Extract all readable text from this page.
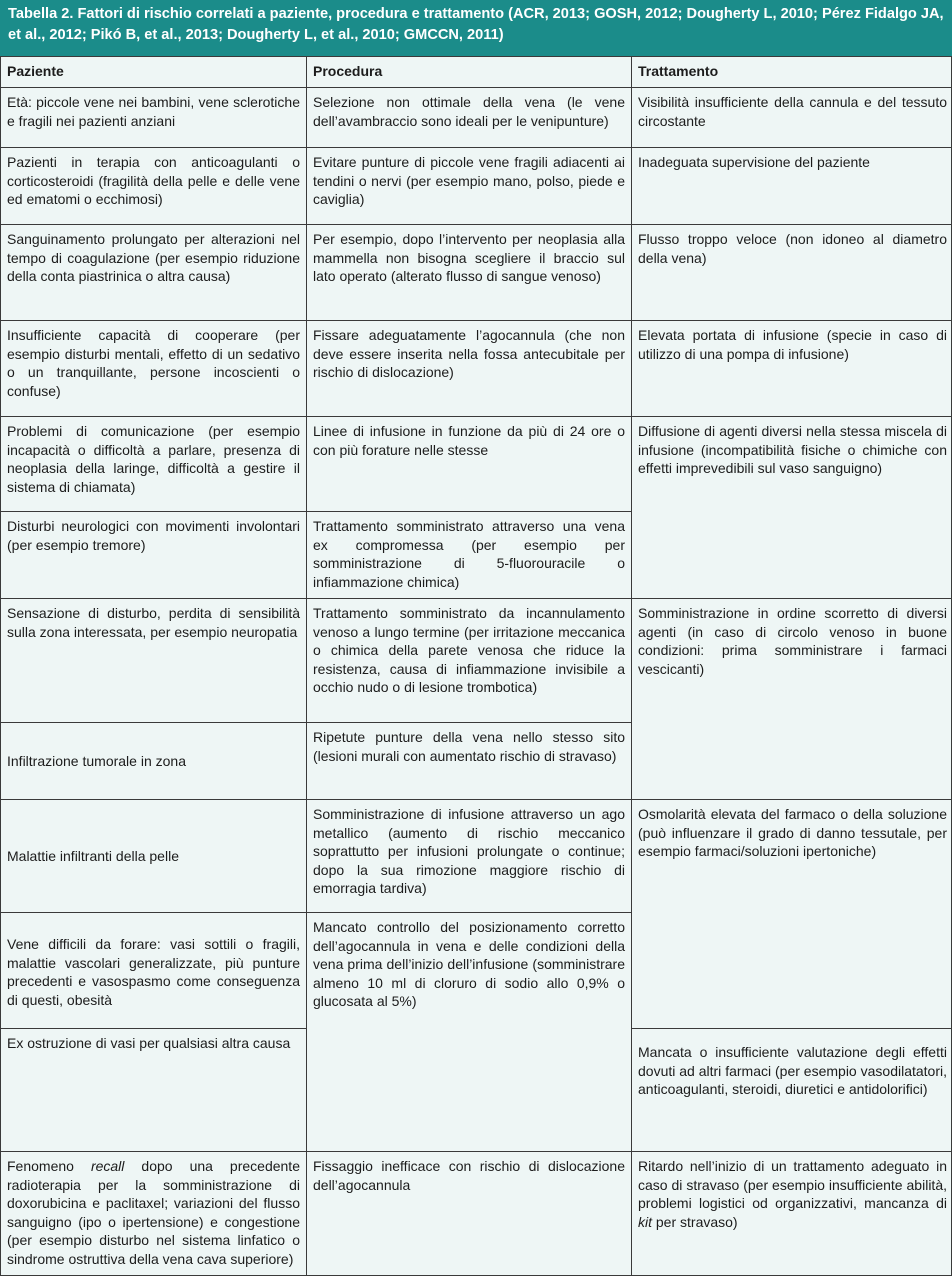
Tabella 2. Fattori di rischio correlati a paziente, procedura e trattamento (ACR, 2013; GOSH, 2012; Dougherty L, 2010; Pérez Fidalgo JA, et al., 2012; Pikó B, et al., 2013; Dougherty L, et al., 2010; GMCCN, 2011)
Paziente	Procedura	Trattamento
Età: piccole vene nei bambini, vene sclerotiche e fragili nei pazienti anziani
Pazienti in terapia con anticoagulanti o corticosteroidi (fragilità della pelle e delle vene ed ematomi o ecchimosi)
Sanguinamento prolungato per alterazioni nel tempo di coagulazione (per esempio riduzione della conta piastrinica o altra causa)
Insufficiente capacità di cooperare (per esempio disturbi mentali, effetto di un sedativo o un tranquillante, persone incoscienti o confuse)
Problemi di comunicazione (per esempio incapacità o difficoltà a parlare, presenza di neoplasia della laringe, difficoltà a gestire il sistema di chiamata)
Disturbi neurologici con movimenti involontari (per esempio tremore)
Sensazione di disturbo, perdita di sensibilità sulla zona interessata, per esempio neuropatia
Infiltrazione tumorale in zona
Malattie infiltranti della pelle
Vene difficili da forare: vasi sottili o fragili, malattie vascolari generalizzate, più punture precedenti e vasospasmo come conseguenza di questi, obesità
Ex ostruzione di vasi per qualsiasi altra causa
Fenomeno recall dopo una precedente radioterapia per la somministrazione di doxorubicina e paclitaxel; variazioni del flusso sanguigno (ipo o ipertensione) e congestione (per esempio disturbo nel sistema linfatico o sindrome ostruttiva della vena cava superiore)
Selezione non ottimale della vena (le vene dell’avambraccio sono ideali per le venipunture)
Evitare punture di piccole vene fragili adiacenti ai tendini o nervi (per esempio mano, polso, piede e caviglia)
Per esempio, dopo l’intervento per neoplasia alla mammella non bisogna scegliere il braccio sul lato operato (alterato flusso di sangue venoso)
Fissare adeguatamente l’agocannula (che non deve essere inserita nella fossa antecubitale per rischio di dislocazione)
Linee di infusione in funzione da più di 24 ore o con più forature nelle stesse
Trattamento somministrato attraverso una vena ex compromessa (per esempio per somministrazione di 5-fluorouracile o infiammazione chimica)
Trattamento somministrato da incannulamento venoso a lungo termine (per irritazione meccanica o chimica della parete venosa che riduce la resistenza, causa di infiammazione invisibile a occhio nudo o di lesione trombotica)
Ripetute punture della vena nello stesso sito (lesioni murali con aumentato rischio di stravaso)
Somministrazione di infusione attraverso un ago metallico (aumento di rischio meccanico soprattutto per infusioni prolungate o continue; dopo la sua rimozione maggiore rischio di emorragia tardiva)
Mancato controllo del posizionamento corretto dell’agocannula in vena e delle condizioni della vena prima dell’inizio dell’infusione (somministrare almeno 10 ml di cloruro di sodio allo 0,9% o glucosata al 5%)
Fissaggio inefficace con rischio di dislocazione dell’agocannula
Visibilità insufficiente della cannula e del tessuto circostante
Inadeguata supervisione del paziente
Flusso troppo veloce (non idoneo al diametro della vena)
Elevata portata di infusione (specie in caso di utilizzo di una pompa di infusione)
Diffusione di agenti diversi nella stessa miscela di infusione (incompatibilità fisiche o chimiche con effetti imprevedibili sul vaso sanguigno)
Somministrazione in ordine scorretto di diversi agenti (in caso di circolo venoso in buone condizioni: prima somministrare i farmaci vescicanti)
Osmolarità elevata del farmaco o della soluzione (può influenzare il grado di danno tessutale, per esempio farmaci/soluzioni ipertoniche)
Mancata o insufficiente valutazione degli effetti dovuti ad altri farmaci (per esempio vasodilatatori, anticoagulanti, steroidi, diuretici e antidolorifici)
Ritardo nell’inizio di un trattamento adeguato in caso di stravaso (per esempio insufficiente abilità, problemi logistici od organizzativi, mancanza di kit per stravaso)
